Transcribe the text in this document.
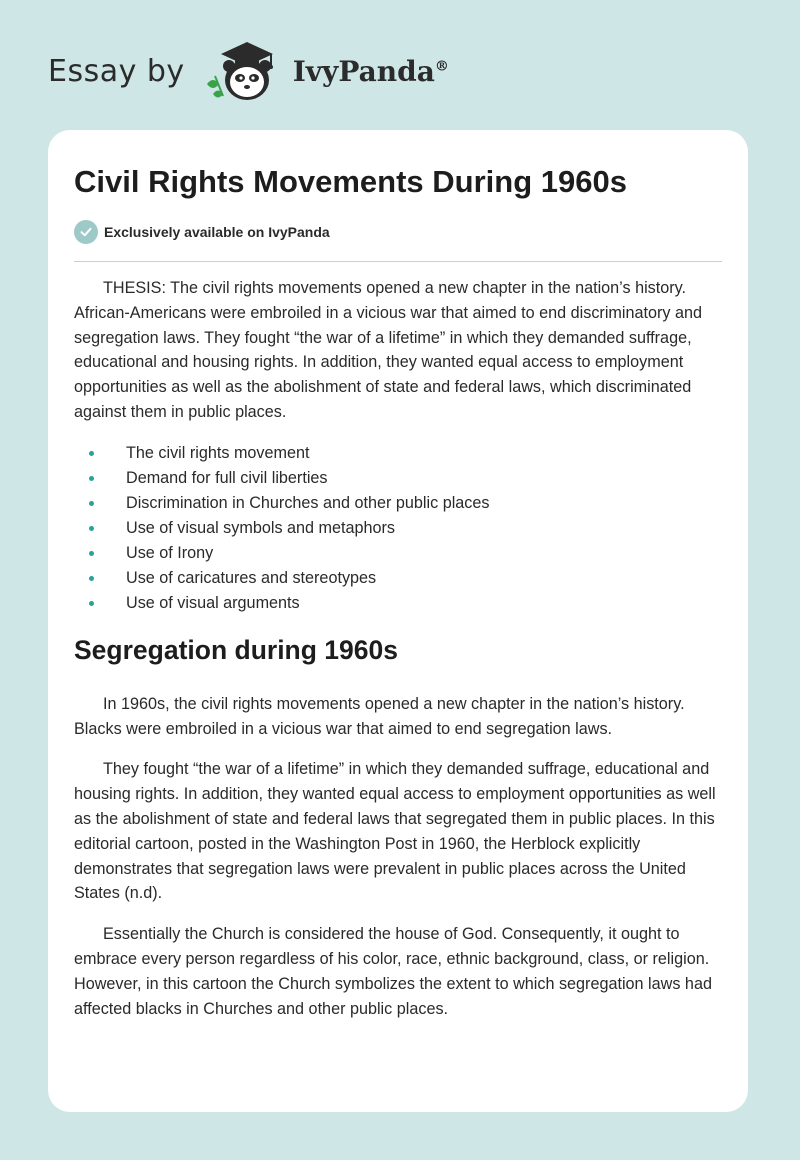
Essay by	IvyPanda®
Civil Rights Movements During 1960s
Exclusively available on IvyPanda

THESIS: The civil rights movements opened a new chapter in the nation’s history. African-Americans were embroiled in a vicious war that aimed to end discriminatory and segregation laws. They fought “the war of a lifetime” in which they demanded suffrage, educational and housing rights. In addition, they wanted equal access to employment opportunities as well as the abolishment of state and federal laws, which discriminated against them in public places.

The civil rights movement
Demand for full civil liberties
Discrimination in Churches and other public places
Use of visual symbols and metaphors
Use of Irony
Use of caricatures and stereotypes
Use of visual arguments
Segregation during 1960s

In 1960s, the civil rights movements opened a new chapter in the nation’s history. Blacks were embroiled in a vicious war that aimed to end segregation laws.

They fought “the war of a lifetime” in which they demanded suffrage, educational and housing rights. In addition, they wanted equal access to employment opportunities as well as the abolishment of state and federal laws that segregated them in public places. In this editorial cartoon, posted in the Washington Post in 1960, the Herblock explicitly demonstrates that segregation laws were prevalent in public places across the United States (n.d).

Essentially the Church is considered the house of God. Consequently, it ought to embrace every person regardless of his color, race, ethnic background, class, or religion. However, in this cartoon the Church symbolizes the extent to which segregation laws had affected blacks in Churches and other public places.
